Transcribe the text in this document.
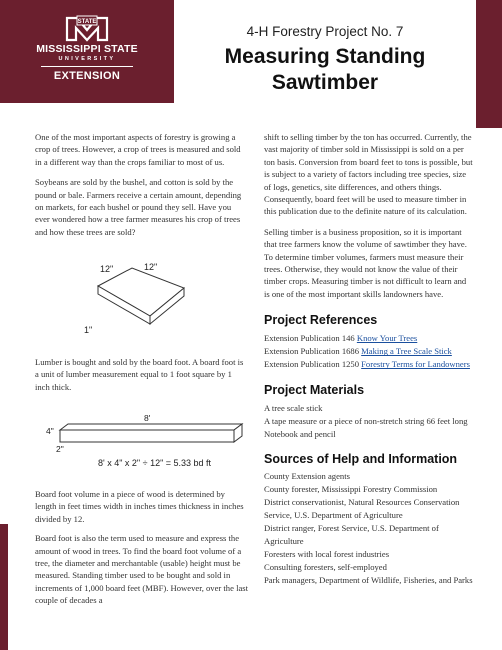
STATE
MISSISSIPPI STATE
UNIVERSITY
EXTENSION
4-H Forestry Project No. 7
Measuring Standing
Sawtimber

One of the most important aspects of forestry is growing a crop of trees. However, a crop of trees is measured and sold in a different way than the crops familiar to most of us.

Soybeans are sold by the bushel, and cotton is sold by the pound or bale. Farmers receive a certain amount, depending on markets, for each bushel or pound they sell. Have you ever wondered how a tree farmer measures his crop of trees and how these trees are sold?

12"	12"
1"

Lumber is bought and sold by the board foot. A board foot is a unit of lumber measurement equal to 1 foot square by 1 inch thick.

8'
4"
2"
8' x 4" x 2" ÷ 12" = 5.33 bd ft

Board foot volume in a piece of wood is determined by length in feet times width in inches times thickness in inches divided by 12.

Board foot is also the term used to measure and express the amount of wood in trees. To find the board foot volume of a tree, the diameter and merchantable (usable) height must be measured. Standing timber used to be bought and sold in increments of 1,000 board feet (MBF). However, over the last couple of decades a

shift to selling timber by the ton has occurred. Currently, the vast majority of timber sold in Mississippi is sold on a per ton basis. Conversion from board feet to tons is possible, but is subject to a variety of factors including tree species, size of logs, genetics, site differences, and others things. Consequently, board feet will be used to measure timber in this publication due to the definite nature of its calculation.

Selling timber is a business proposition, so it is important that tree farmers know the volume of sawtimber they have. To determine timber volumes, farmers must measure their trees. Otherwise, they would not know the value of their timber crops. Measuring timber is not difficult to learn and is one of the most important skills landowners have.

Project References
Extension Publication 146 Know Your Trees
Extension Publication 1686 Making a Tree Scale Stick
Extension Publication 1250 Forestry Terms for Landowners
Project Materials
A tree scale stick
A tape measure or a piece of non-stretch string 66 feet long
Notebook and pencil
Sources of Help and Information
County Extension agents
County forester, Mississippi Forestry Commission
District conservationist, Natural Resources Conservation Service, U.S. Department of Agriculture
District ranger, Forest Service, U.S. Department of Agriculture
Foresters with local forest industries
Consulting foresters, self-employed
Park managers, Department of Wildlife, Fisheries, and Parks
